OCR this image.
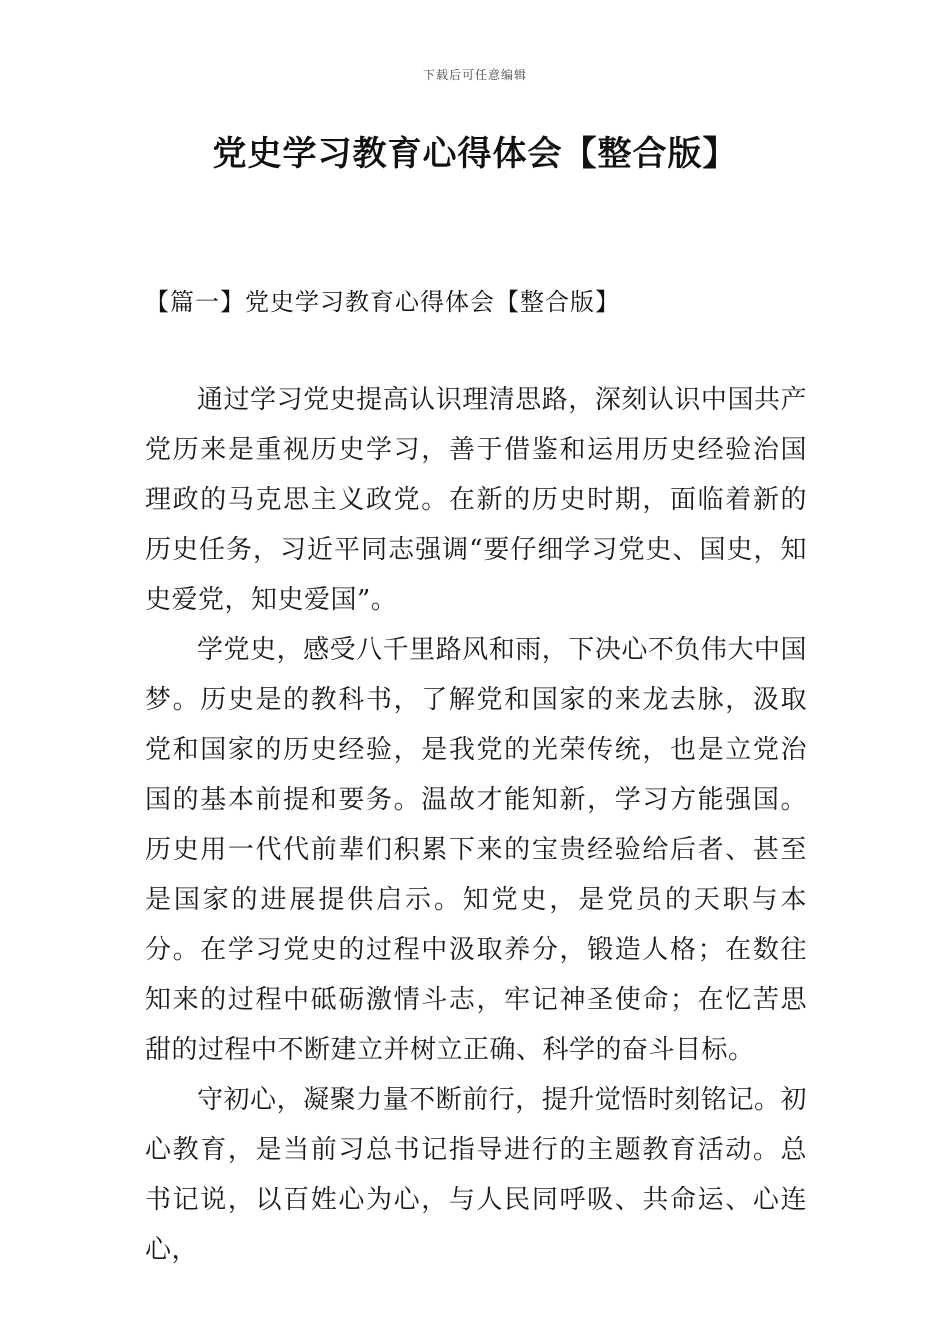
下载后可任意编辑
党史学习教育心得体会【整合版】
【篇一】党史学习教育心得体会【整合版】

通过学习党史提高认识理清思路，深刻认识中国共产党历来是重视历史学习，善于借鉴和运用历史经验治国理政的马克思主义政党。在新的历史时期，面临着新的历史任务，习近平同志强调“要仔细学习党史、国史，知史爱党，知史爱国”。

学党史，感受八千里路风和雨，下决心不负伟大中国梦。历史是的教科书，了解党和国家的来龙去脉，汲取党和国家的历史经验，是我党的光荣传统，也是立党治国的基本前提和要务。温故才能知新，学习方能强国。历史用一代代前辈们积累下来的宝贵经验给后者、甚至是国家的进展提供启示。知党史，是党员的天职与本分。在学习党史的过程中汲取养分，锻造人格；在数往知来的过程中砥砺激情斗志，牢记神圣使命；在忆苦思甜的过程中不断建立并树立正确、科学的奋斗目标。

守初心，凝聚力量不断前行，提升觉悟时刻铭记。初心教育，是当前习总书记指导进行的主题教育活动。总书记说，以百姓心为心，与人民同呼吸、共命运、心连心，
